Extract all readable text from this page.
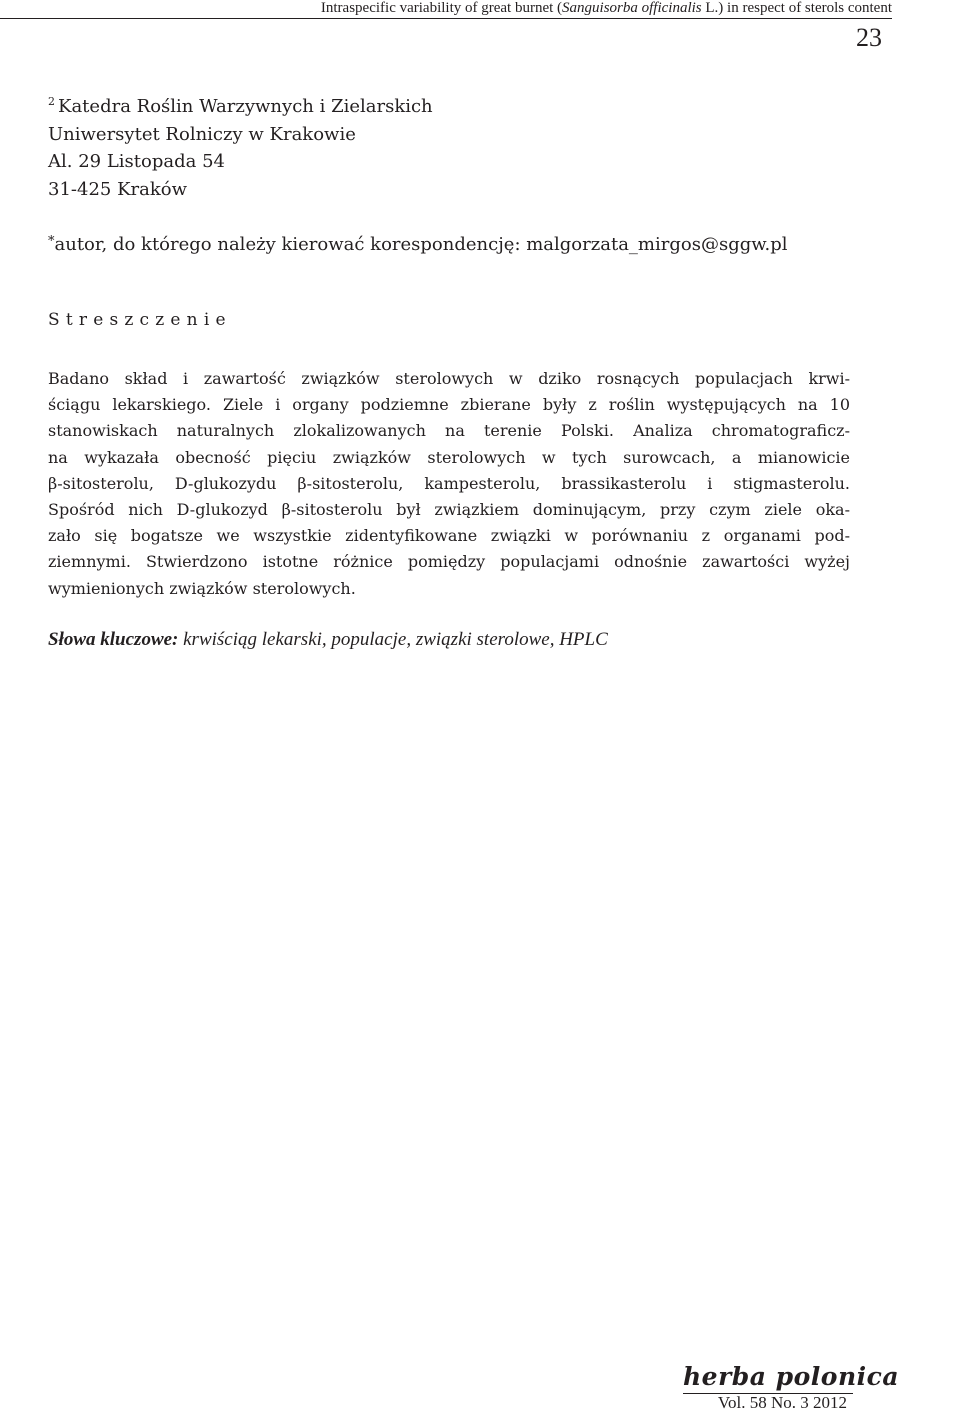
Intraspecific variability of great burnet (Sanguisorba officinalis L.) in respect of sterols content
23
$^2$ Katedra Roślin Warzywnych i Zielarskich
Uniwersytet Rolniczy w Krakowie
Al. 29 Listopada 54
31-425 Kraków
*autor, do którego należy kierować korespondencję: malgorzata_mirgos@sggw.pl
Streszczenie
Badano skład i zawartość związków sterolowych w dziko rosnących populacjach krwi-
ściągu lekarskiego. Ziele i organy podziemne zbierane były z roślin występujących na 10
stanowiskach naturalnych zlokalizowanych na terenie Polski. Analiza chromatograficz-
na wykazała obecność pięciu związków sterolowych w tych surowcach, a mianowicie
β-sitosterolu, D-glukozydu β-sitosterolu, kampesterolu, brassikasterolu i stigmasterolu.
Spośród nich D-glukozyd β-sitosterolu był związkiem dominującym, przy czym ziele oka-
zało się bogatsze we wszystkie zidentyfikowane związki w porównaniu z organami pod-
ziemnymi. Stwierdzono istotne różnice pomiędzy populacjami odnośnie zawartości wyżej
wymienionych związków sterolowych.
Słowa kluczowe: krwiściąg lekarski, populacje, związki sterolowe, HPLC
herba polonica
Vol. 58 No. 3 2012
